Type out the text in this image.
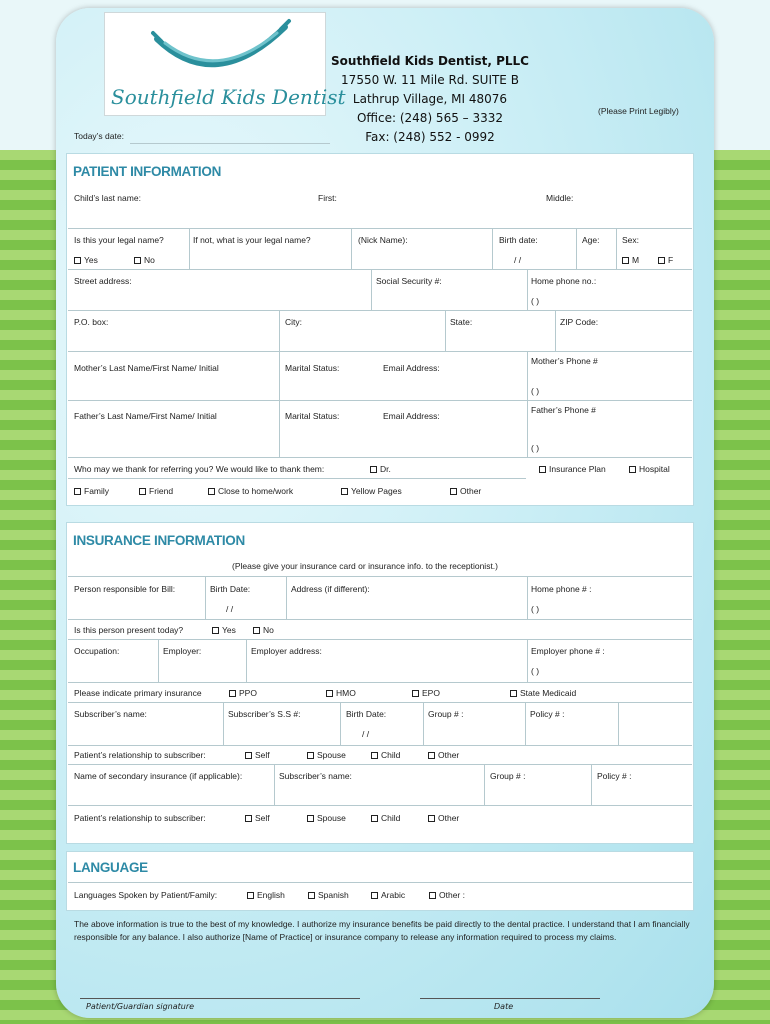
Southfield Kids Dentist
Southfield Kids Dentist, PLLC
17550 W. 11 Mile Rd. SUITE B
Lathrup Village, MI 48076
Office: (248) 565 – 3332
Fax: (248) 552 - 0992
(Please Print Legibly)
Today’s date:
PATIENT INFORMATION
Child’s last name:	First:	Middle:
Is this your legal name?	If not, what is your legal name?	(Nick Name):	Birth date:	Age:	Sex:
Yes	No	/ /	M	F
Street address:	Social Security #:	Home phone no.:
( )
P.O. box:	City:	State:	ZIP Code:
Mother’s Last Name/First Name/ Initial	Marital Status:	Email Address:
Mother’s Phone #
( )
Father’s Last Name/First Name/ Initial	Marital Status:	Email Address:
Father’s Phone #
( )
Who may we thank for referring you? We would like to thank them:	Dr.	Insurance Plan	Hospital
Family	Friend	Close to home/work	Yellow Pages	Other
INSURANCE INFORMATION
(Please give your insurance card or insurance info. to the receptionist.)
Person responsible for Bill:	Birth Date:	Address (if different):	Home phone # :
/ /	( )
Is this person present today?	Yes	No
Occupation:	Employer:	Employer address:	Employer phone # :
( )
Please indicate primary insurance	PPO	HMO	EPO	State Medicaid
Subscriber’s name:	Subscriber’s S.S #:	Birth Date:	Group # :	Policy # :
/ /
Patient’s relationship to subscriber:	Self	Spouse	Child	Other
Name of secondary insurance (if applicable):	Subscriber’s name:	Group # :	Policy # :
Patient’s relationship to subscriber:	Self	Spouse	Child	Other
LANGUAGE
Languages Spoken by Patient/Family:	English	Spanish	Arabic	Other :
The above information is true to the best of my knowledge. I authorize my insurance benefits be paid directly to the dental practice. I understand that I am financially responsible for any balance. I also authorize [Name of Practice] or insurance company to release any information required to process my claims.
Patient/Guardian signature	Date
